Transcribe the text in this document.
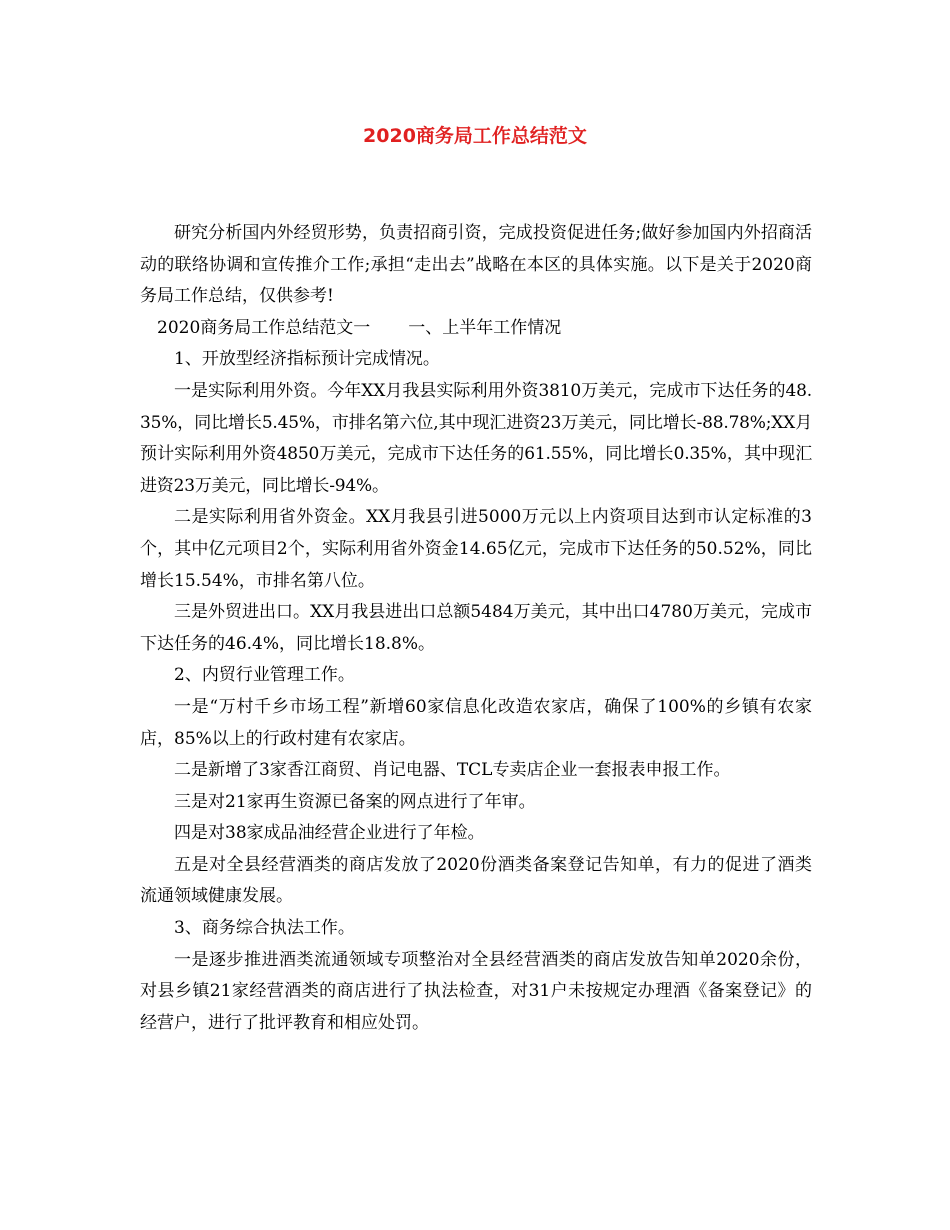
2020商务局工作总结范文

研究分析国内外经贸形势，负责招商引资，完成投资促进任务;做好参加国内外招商活动的联络协调和宣传推介工作;承担“走出去”战略在本区的具体实施。以下是关于2020商务局工作总结，仅供参考!

2020商务局工作总结范文一 一、上半年工作情况

1、开放型经济指标预计完成情况。

一是实际利用外资。今年XX月我县实际利用外资3810万美元，完成市下达任务的48.35%，同比增长5.45%，市排名第六位,其中现汇进资23万美元，同比增长-88.78%;XX月预计实际利用外资4850万美元，完成市下达任务的61.55%，同比增长0.35%，其中现汇进资23万美元，同比增长-94%。

二是实际利用省外资金。XX月我县引进5000万元以上内资项目达到市认定标准的3个，其中亿元项目2个，实际利用省外资金14.65亿元，完成市下达任务的50.52%，同比增长15.54%，市排名第八位。

三是外贸进出口。XX月我县进出口总额5484万美元，其中出口4780万美元，完成市下达任务的46.4%，同比增长18.8%。

2、内贸行业管理工作。

一是“万村千乡市场工程”新增60家信息化改造农家店，确保了100%的乡镇有农家店，85%以上的行政村建有农家店。

二是新增了3家香江商贸、肖记电器、TCL专卖店企业一套报表申报工作。

三是对21家再生资源已备案的网点进行了年审。

四是对38家成品油经营企业进行了年检。

五是对全县经营酒类的商店发放了2020份酒类备案登记告知单，有力的促进了酒类流通领域健康发展。

3、商务综合执法工作。

一是逐步推进酒类流通领域专项整治对全县经营酒类的商店发放告知单2020余份，对县乡镇21家经营酒类的商店进行了执法检查，对31户未按规定办理酒《备案登记》的经营户，进行了批评教育和相应处罚。
